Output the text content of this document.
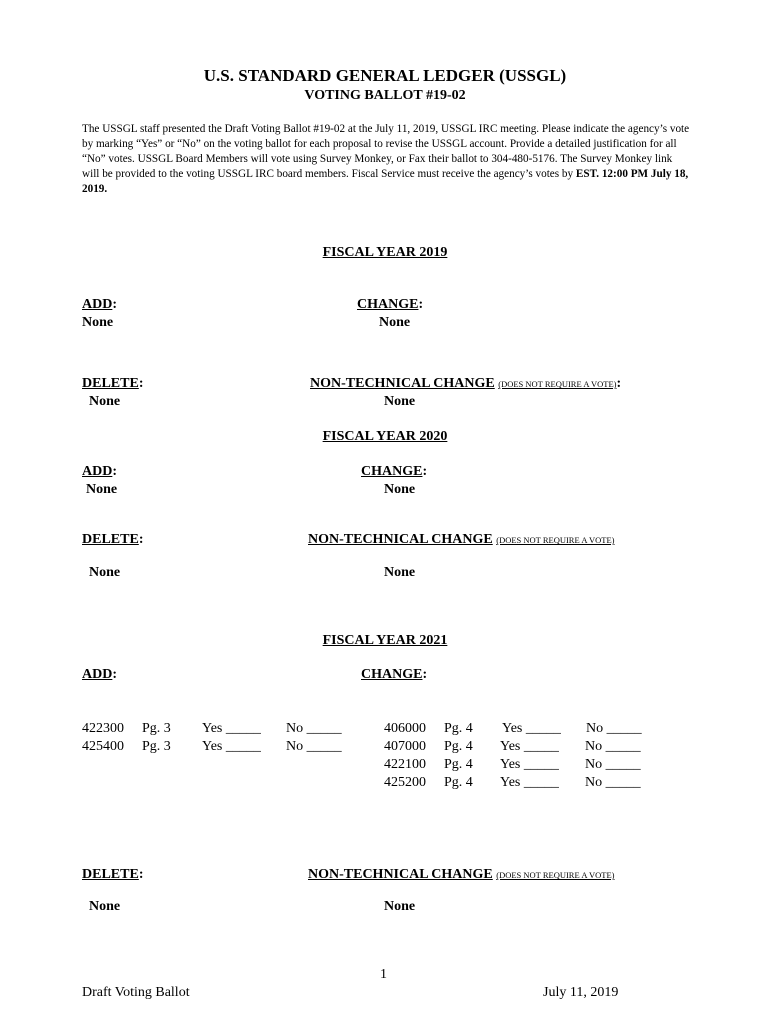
U.S. STANDARD GENERAL LEDGER (USSGL)
VOTING BALLOT #19-02
The USSGL staff presented the Draft Voting Ballot #19-02 at the July 11, 2019, USSGL IRC meeting. Please indicate the agency’s vote by marking “Yes” or “No” on the voting ballot for each proposal to revise the USSGL account. Provide a detailed justification for all “No” votes. USSGL Board Members will vote using Survey Monkey, or Fax their ballot to 304-480-5176. The Survey Monkey link will be provided to the voting USSGL IRC board members. Fiscal Service must receive the agency’s votes by EST. 12:00 PM July 18, 2019.
FISCAL YEAR 2019
ADD:
None
CHANGE:
None
DELETE:
None
NON-TECHNICAL CHANGE (DOES NOT REQUIRE A VOTE):
None
FISCAL YEAR 2020
ADD:
None
CHANGE:
None
DELETE:
None
NON-TECHNICAL CHANGE (DOES NOT REQUIRE A VOTE)
None
FISCAL YEAR 2021
ADD:	CHANGE:
422300 Pg. 3 Yes _____ No _____
425400 Pg. 3 Yes _____ No _____
406000 Pg. 4 Yes _____ No _____
407000 Pg. 4 Yes _____ No _____
422100 Pg. 4 Yes _____ No _____
425200 Pg. 4 Yes _____ No _____
DELETE:
None
NON-TECHNICAL CHANGE (DOES NOT REQUIRE A VOTE)
None
1
Draft Voting Ballot	July 11, 2019
